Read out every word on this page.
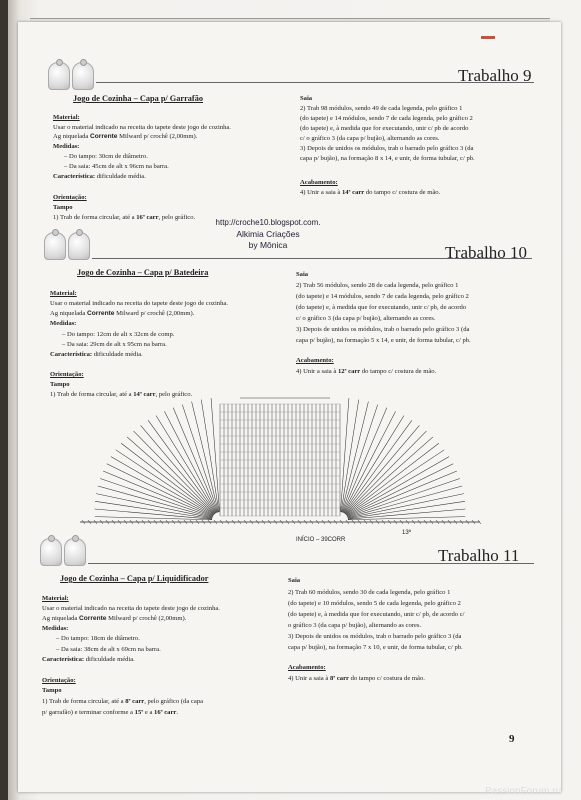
Trabalho 9
Jogo de Cozinha – Capa p/ Garrafão
Material:
Usar o material indicado na receita do tapete deste jogo de cozinha.
Ag niquelada Corrente Milward p/ crochê (2,00mm).
Medidas:
– Do tampo: 30cm de diâmetro.
– Da saia: 45cm de alt x 96cm na barra.
Característica: dificuldade média.
Orientação:
Tampo
1) Trab de forma circular, até a 16ª carr, pelo gráfico.
Saia
2) Trab 98 módulos, sendo 49 de cada legenda, pelo gráfico 1
(do tapete) e 14 módulos, sendo 7 de cada legenda, pelo gráfico 2
(do tapete) e, à medida que for executando, unir c/ pb de acordo
c/ o gráfico 3 (da capa p/ bujão), alternando as cores.
3) Depois de unidos os módulos, trab o barrado pelo gráfico 3 (da
capa p/ bujão), na formação 8 x 14, e unir, de forma tubular, c/ pb.
Acabamento:
4) Unir a saia à 14ª carr do tampo c/ costura de mão.
http://croche10.blogspot.com.
Alkimia Criações
by Mônica	Trabalho 10
Jogo de Cozinha – Capa p/ Batedeira
Material:
Usar o material indicado na receita do tapete deste jogo de cozinha.
Ag niquelada Corrente Milward p/ crochê (2,00mm).
Medidas:
– Do tampo: 12cm de alt x 32cm de comp.
– Da saia: 29cm de alt x 95cm na barra.
Característica: dificuldade média.
Orientação:
Tampo
1) Trab de forma circular, até a 14ª carr, pelo gráfico.
Saia
2) Trab 56 módulos, sendo 28 de cada legenda, pelo gráfico 1
(do tapete) e 14 módulos, sendo 7 de cada legenda, pelo gráfico 2
(do tapete) e, à medida que for executando, unir c/ pb, de acordo
c/ o gráfico 3 (da capa p/ bujão), alternando as cores.
3) Depois de unidos os módulos, trab o barrado pelo gráfico 3 (da
capa p/ bujão), na formação 5 x 14, e unir, de forma tubular, c/ pb.
Acabamento:
4) Unir a saia à 12ª carr do tampo c/ costura de mão.
INÍCIO – 39CORR
13ª
Trabalho 11
Jogo de Cozinha – Capa p/ Liquidificador
Material:
Usar o material indicado na receita do tapete deste jogo de cozinha.
Ag niquelada Corrente Milward p/ crochê (2,00mm).
Medidas:
– Do tampo: 18cm de diâmetro.
– Da saia: 38cm de alt x 69cm na barra.
Característica: dificuldade média.
Orientação:
Tampo
1) Trab de forma circular, até a 8ª carr, pelo gráfico (da capa
p/ garrafão) e terminar conforme a 15ª e a 16ª carr.
Saia
2) Trab 60 módulos, sendo 30 de cada legenda, pelo gráfico 1
(do tapete) e 10 módulos, sendo 5 de cada legenda, pelo gráfico 2
(do tapete) e, à medida que for executando, unir c/ pb, de acordo c/
o gráfico 3 (da capa p/ bujão), alternando as cores.
3) Depois de unidos os módulos, trab o barrado pelo gráfico 3 (da
capa p/ bujão), na formação 7 x 10, e unir, de forma tubular, c/ pb.
Acabamento:
4) Unir a saia à 8ª carr do tampo c/ costura de mão.
9
PassionForum.ru
